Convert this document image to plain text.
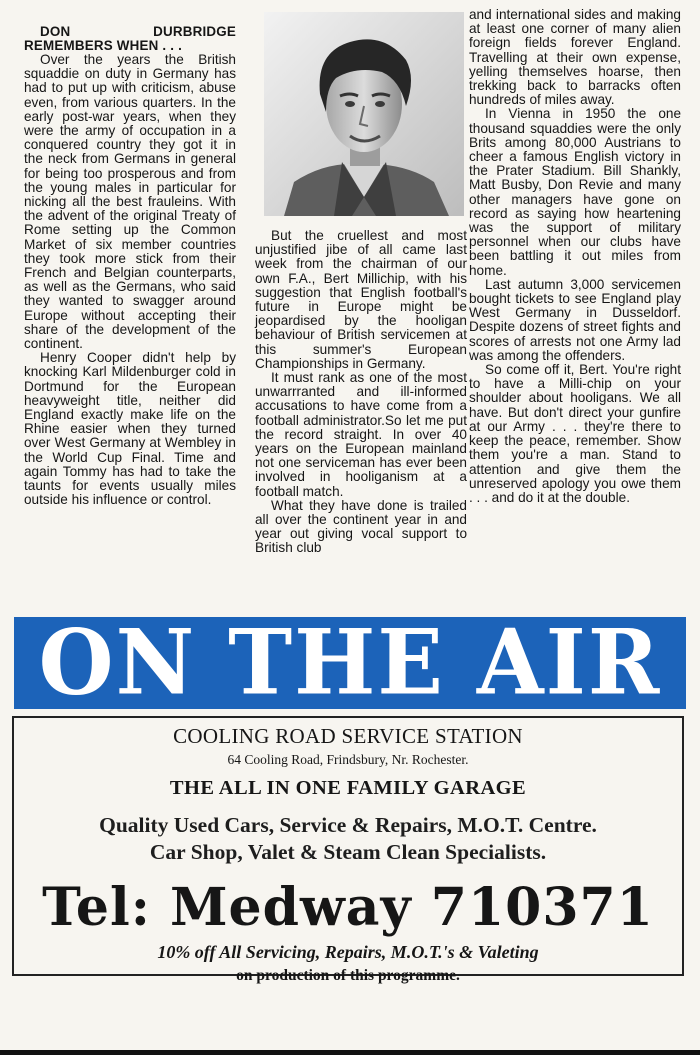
DON DURBRIDGE REMEMBERS WHEN . . .

Over the years the British squaddie on duty in Germany has had to put up with criticism, abuse even, from various quarters. In the early post-war years, when they were the army of occupation in a conquered country they got it in the neck from Germans in general for being too prosperous and from the young males in particular for nicking all the best frauleins. With the advent of the original Treaty of Rome setting up the Common Market of six member countries they took more stick from their French and Belgian counterparts, as well as the Germans, who said they wanted to swagger around Europe without accepting their share of the development of the continent.

Henry Cooper didn't help by knocking Karl Mildenburger cold in Dortmund for the European heavyweight title, neither did England exactly make life on the Rhine easier when they turned over West Germany at Wembley in the World Cup Final. Time and again Tommy has had to take the taunts for events usually miles outside his influence or control.

But the cruellest and most unjustified jibe of all came last week from the chairman of our own F.A., Bert Millichip, with his suggestion that English football's future in Europe might be jeopardised by the hooligan behaviour of British servicemen at this summer's European Championships in Germany.

It must rank as one of the most unwarrranted and ill-informed accusations to have come from a football administrator.So let me put the record straight. In over 40 years on the European mainland not one serviceman has ever been involved in hooliganism at a football match.

What they have done is trailed all over the continent year in and year out giving vocal support to British club

and international sides and making at least one corner of many alien foreign fields forever England. Travelling at their own expense, yelling themselves hoarse, then trekking back to barracks often hundreds of miles away.

In Vienna in 1950 the one thousand squaddies were the only Brits among 80,000 Austrians to cheer a famous English victory in the Prater Stadium. Bill Shankly, Matt Busby, Don Revie and many other managers have gone on record as saying how heartening was the support of military personnel when our clubs have been battling it out miles from home.

Last autumn 3,000 servicemen bought tickets to see England play West Germany in Dusseldorf. Despite dozens of street fights and scores of arrests not one Army lad was among the offenders.

So come off it, Bert. You're right to have a Milli-chip on your shoulder about hooligans. We all have. But don't direct your gunfire at our Army . . . they're there to keep the peace, remember. Show them you're a man. Stand to attention and give them the unreserved apology you owe them . . . and do it at the double.

ON THE AIR
COOLING ROAD SERVICE STATION
64 Cooling Road, Frindsbury, Nr. Rochester.
THE ALL IN ONE FAMILY GARAGE
Quality Used Cars, Service & Repairs, M.O.T. Centre.
Car Shop, Valet & Steam Clean Specialists.
Tel: Medway 710371
10% off All Servicing, Repairs, M.O.T.'s & Valeting
on production of this programme.
